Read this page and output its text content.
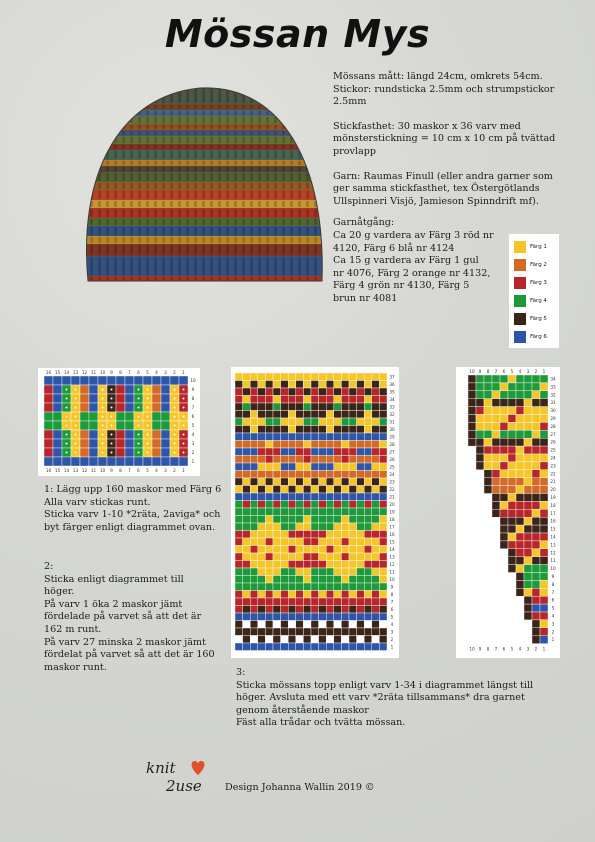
Mössan Mys

Mössans mått: längd 24cm, omkrets 54cm.
Stickor: rundsticka 2.5mm och strumpstickor
2.5mm

Stickfasthet: 30 maskor x 36 varv med
mönsterstickning = 10 cm x 10 cm på tvättad
provlapp

Garn: Raumas Finull (eller andra garner som
ger samma stickfasthet, tex Östergötlands
Ullspinneri Visjö, Jamieson Spinndrift mf).

Garnåtgång:
Ca 20 g vardera av Färg 3 röd nr
4120, Färg 6 blå nr 4124
Ca 15 g vardera av Färg 1 gul
nr 4076, Färg 2 orange nr 4132,
Färg 4 grön nr 4130, Färg 5
brun nr 4081

Färg 1
Färg 2
Färg 3
Färg 4
Färg 5
Färg 6
10
9
8
7
6
5
4
3
2
1
16
16
15
15
14
14
13
13
12
12
11
11
10
10
9
9
8
8
7
7
6
6
5
5
4
4
3
3
2
2
1
1
37
36
35
34
33
32
31
30
29
28
27
26
25
24
23
22
21
20
19
18
17
16
15
14
13
12
11
10
9
8
7
6
5
4
3
2
1
34
33
32
31
30
29
28
27
26
25
24
23
22
21
20
19
18
17
16
15
14
13
12
11
10
9
8
7
6
5
4
3
2
1
10
10
9
9
8
8
7
7
6
6
5
5
4
4
3
3
2
2
1
1

1: Lägg upp 160 maskor med Färg 6
Alla varv stickas runt.
Sticka varv 1-10 *2räta, 2aviga* och
byt färger enligt diagrammet ovan.

2:
Sticka enligt diagrammet till
höger.
På varv 1 öka 2 maskor jämt
fördelade på varvet så att det är
162 m runt.
På varv 27 minska 2 maskor jämt
fördelat på varvet så att det är 160
maskor runt.	3:
Sticka mössans topp enligt varv 1-34 i diagrammet längst till
höger. Avsluta med ett varv *2räta tillsammans* dra garnet
genom återstående maskor
Fäst alla trådar och tvätta mössan.

knit
2use Design Johanna Wallin 2019 ©
